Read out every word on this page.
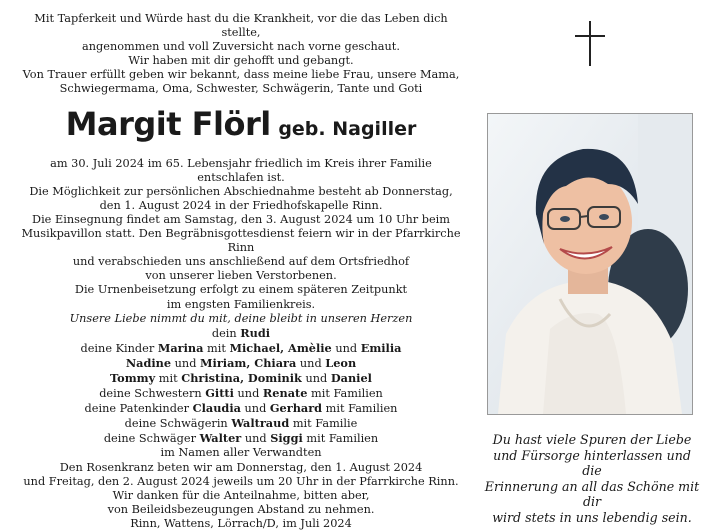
Mit Tapferkeit und Würde hast du die Krankheit, vor die das Leben dich stellte,

angenommen und voll Zuversicht nach vorne geschaut.

Wir haben mit dir gehofft und gebangt.

Von Trauer erfüllt geben wir bekannt, dass meine liebe Frau, unsere Mama,

Schwiegermama, Oma, Schwester, Schwägerin, Tante und Goti

Margit Flörl geb. Nagiller

am 30. Juli 2024 im 65. Lebensjahr friedlich im Kreis ihrer Familie

entschlafen ist.

Die Möglichkeit zur persönlichen Abschiednahme besteht ab Donnerstag,

den 1. August 2024 in der Friedhofskapelle Rinn.

Die Einsegnung findet am Samstag, den 3. August 2024 um 10 Uhr beim

Musikpavillon statt. Den Begräbnisgottesdienst feiern wir in der Pfarrkirche Rinn

und verabschieden uns anschließend auf dem Ortsfriedhof

von unserer lieben Verstorbenen.

Die Urnenbeisetzung erfolgt zu einem späteren Zeitpunkt

im engsten Familienkreis.

Unsere Liebe nimmt du mit, deine bleibt in unseren Herzen

dein Rudi

deine Kinder Marina mit Michael, Amèlie und Emilia

Nadine und Miriam, Chiara und Leon

Tommy mit Christina, Dominik und Daniel

deine Schwestern Gitti und Renate mit Familien

deine Patenkinder Claudia und Gerhard mit Familien

deine Schwägerin Waltraud mit Familie

deine Schwäger Walter und Siggi mit Familien

im Namen aller Verwandten

Den Rosenkranz beten wir am Donnerstag, den 1. August 2024

und Freitag, den 2. August 2024 jeweils um 20 Uhr in der Pfarrkirche Rinn.

Wir danken für die Anteilnahme, bitten aber,

von Beileidsbezeugungen Abstand zu nehmen.

Rinn, Wattens, Lörrach/D, im Juli 2024

Du hast viele Spuren der Liebe

und Fürsorge hinterlassen und die

Erinnerung an all das Schöne mit dir

wird stets in uns lebendig sein.
